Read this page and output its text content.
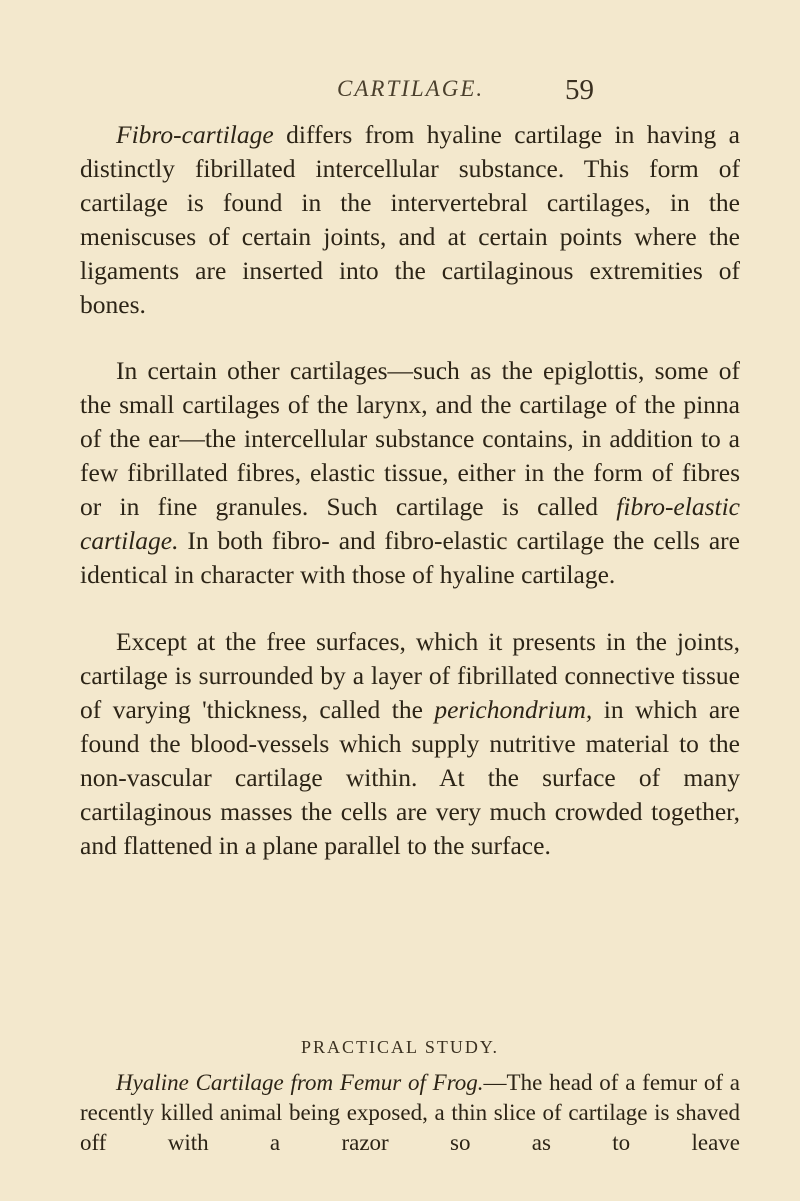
CARTILAGE.	59

Fibro-cartilage differs from hyaline cartilage in having a distinctly fibrillated intercellular substance. This form of cartilage is found in the intervertebral cartilages, in the meniscuses of certain joints, and at certain points where the ligaments are inserted into the cartilaginous extremities of bones.

In certain other cartilages—such as the epiglottis, some of the small cartilages of the larynx, and the cartilage of the pinna of the ear—the intercellular substance contains, in addition to a few fibrillated fibres, elastic tissue, either in the form of fibres or in fine granules. Such cartilage is called fibro-elastic cartilage. In both fibro- and fibro-elastic cartilage the cells are identical in character with those of hyaline cartilage.

Except at the free surfaces, which it presents in the joints, cartilage is surrounded by a layer of fibrillated connective tissue of varying 'thickness, called the perichondrium, in which are found the blood-vessels which supply nutritive material to the non-vascular cartilage within. At the surface of many cartilaginous masses the cells are very much crowded together, and flattened in a plane parallel to the surface.

PRACTICAL STUDY.

Hyaline Cartilage from Femur of Frog.—The head of a femur of a recently killed animal being exposed, a thin slice of cartilage is shaved off with a razor so as to leave
